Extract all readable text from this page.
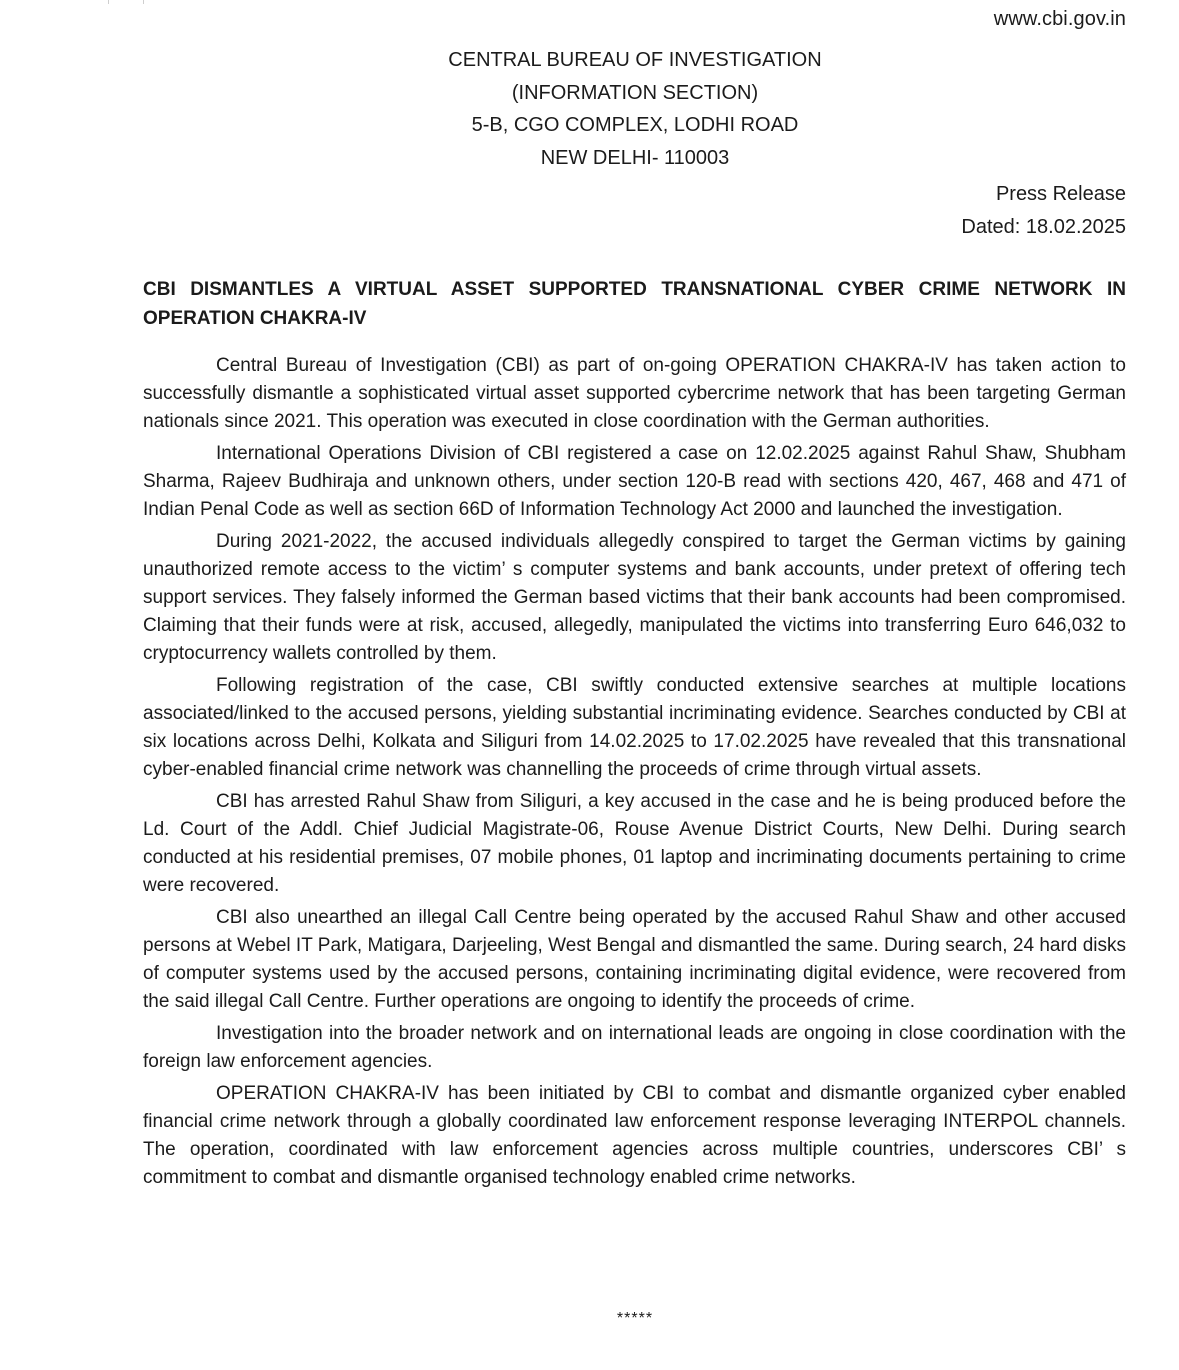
www.cbi.gov.in
CENTRAL BUREAU OF INVESTIGATION
(INFORMATION SECTION)
5-B, CGO COMPLEX, LODHI ROAD
NEW DELHI- 110003
Press Release
Dated: 18.02.2025
CBI DISMANTLES A VIRTUAL ASSET SUPPORTED TRANSNATIONAL CYBER CRIME NETWORK IN OPERATION CHAKRA-IV

Central Bureau of Investigation (CBI) as part of on-going OPERATION CHAKRA-IV has taken action to successfully dismantle a sophisticated virtual asset supported cybercrime network that has been targeting German nationals since 2021. This operation was executed in close coordination with the German authorities.

International Operations Division of CBI registered a case on 12.02.2025 against Rahul Shaw, Shubham Sharma, Rajeev Budhiraja and unknown others, under section 120-B read with sections 420, 467, 468 and 471 of Indian Penal Code as well as section 66D of Information Technology Act 2000 and launched the investigation.

During 2021-2022, the accused individuals allegedly conspired to target the German victims by gaining unauthorized remote access to the victim’ s computer systems and bank accounts, under pretext of offering tech support services. They falsely informed the German based victims that their bank accounts had been compromised. Claiming that their funds were at risk, accused, allegedly, manipulated the victims into transferring Euro 646,032 to cryptocurrency wallets controlled by them.

Following registration of the case, CBI swiftly conducted extensive searches at multiple locations associated/linked to the accused persons, yielding substantial incriminating evidence. Searches conducted by CBI at six locations across Delhi, Kolkata and Siliguri from 14.02.2025 to 17.02.2025 have revealed that this transnational cyber-enabled financial crime network was channelling the proceeds of crime through virtual assets.

CBI has arrested Rahul Shaw from Siliguri, a key accused in the case and he is being produced before the Ld. Court of the Addl. Chief Judicial Magistrate-06, Rouse Avenue District Courts, New Delhi. During search conducted at his residential premises, 07 mobile phones, 01 laptop and incriminating documents pertaining to crime were recovered.

CBI also unearthed an illegal Call Centre being operated by the accused Rahul Shaw and other accused persons at Webel IT Park, Matigara, Darjeeling, West Bengal and dismantled the same. During search, 24 hard disks of computer systems used by the accused persons, containing incriminating digital evidence, were recovered from the said illegal Call Centre. Further operations are ongoing to identify the proceeds of crime.

Investigation into the broader network and on international leads are ongoing in close coordination with the foreign law enforcement agencies.

OPERATION CHAKRA-IV has been initiated by CBI to combat and dismantle organized cyber enabled financial crime network through a globally coordinated law enforcement response leveraging INTERPOL channels. The operation, coordinated with law enforcement agencies across multiple countries, underscores CBI’ s commitment to combat and dismantle organised technology enabled crime networks.

*****
